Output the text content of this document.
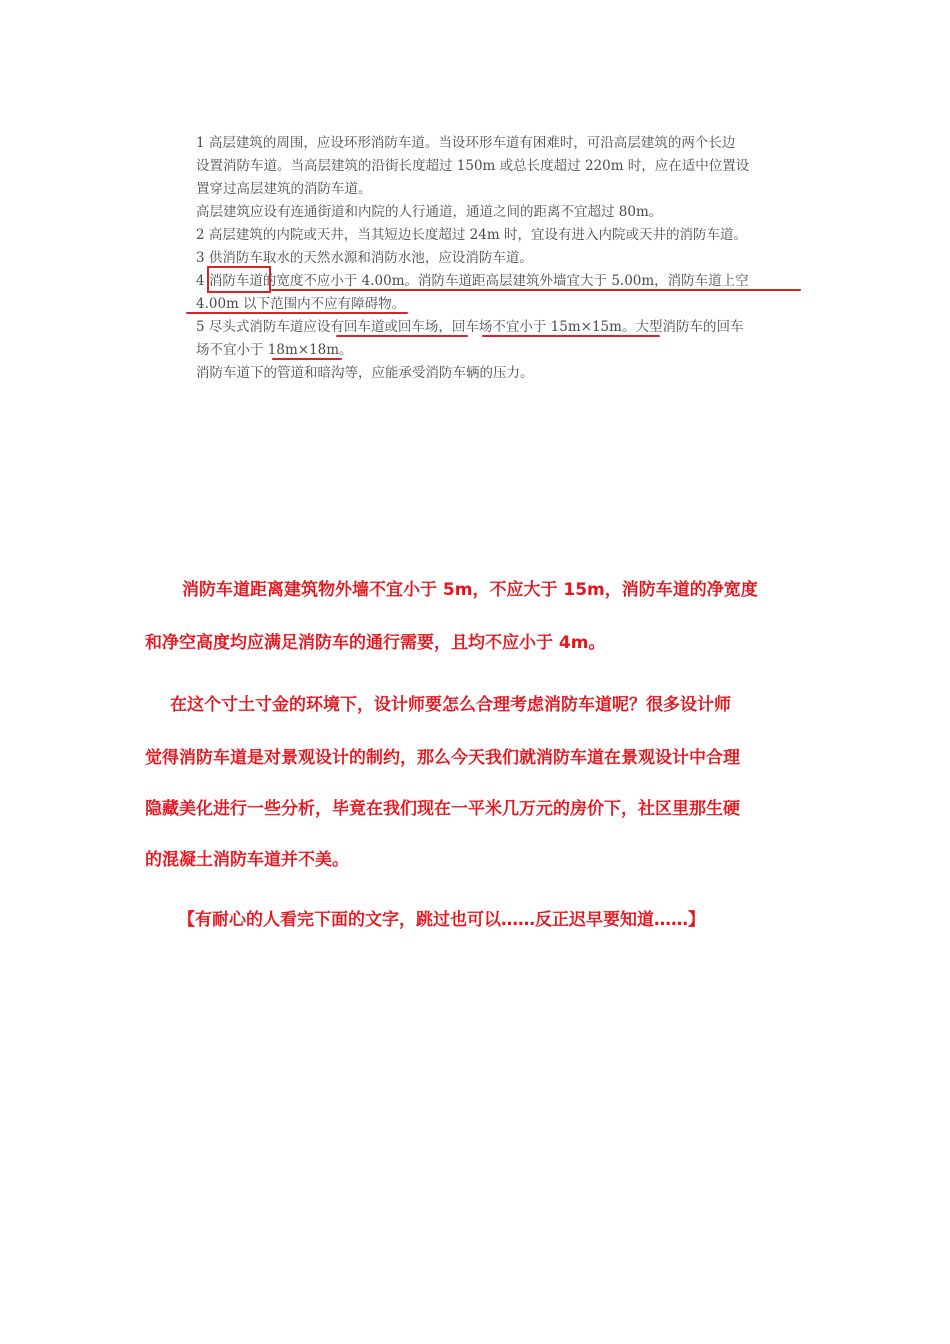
1 高层建筑的周围，应设环形消防车道。当设环形车道有困难时，可沿高层建筑的两个长边
设置消防车道。当高层建筑的沿街长度超过 150m 或总长度超过 220m 时，应在适中位置设
置穿过高层建筑的消防车道。
高层建筑应设有连通街道和内院的人行通道，通道之间的距离不宜超过 80m。
2 高层建筑的内院或天井，当其短边长度超过 24m 时，宜设有进入内院或天井的消防车道。
3 供消防车取水的天然水源和消防水池，应设消防车道。
4 消防车道的宽度不应小于 4.00m。消防车道距高层建筑外墙宜大于 5.00m，消防车道上空
4.00m 以下范围内不应有障碍物。
5 尽头式消防车道应设有回车道或回车场，回车场不宜小于 15m×15m。大型消防车的回车
场不宜小于 18m×18m。
消防车道下的管道和暗沟等，应能承受消防车辆的压力。
消防车道距离建筑物外墙不宜小于 5m，不应大于 15m，消防车道的净宽度
和净空高度均应满足消防车的通行需要，且均不应小于 4m。
在这个寸土寸金的环境下，设计师要怎么合理考虑消防车道呢？很多设计师
觉得消防车道是对景观设计的制约，那么今天我们就消防车道在景观设计中合理
隐藏美化进行一些分析，毕竟在我们现在一平米几万元的房价下，社区里那生硬
的混凝土消防车道并不美。
【有耐心的人看完下面的文字，跳过也可以……反正迟早要知道……】
